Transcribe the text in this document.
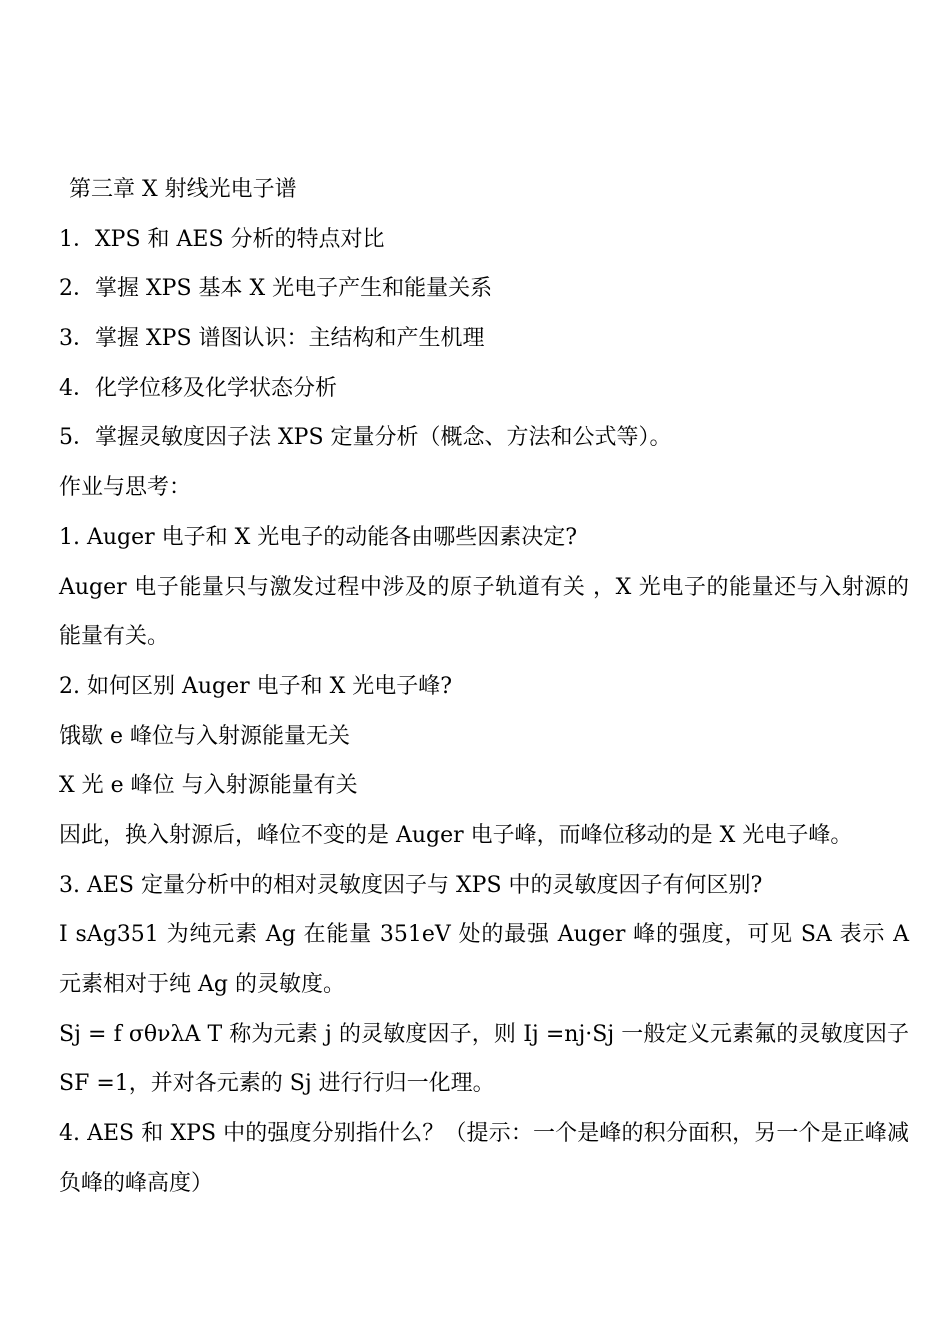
第三章 X 射线光电子谱
1．XPS 和 AES 分析的特点对比
2．掌握 XPS 基本 X 光电子产生和能量关系
3．掌握 XPS 谱图认识：主结构和产生机理
4．化学位移及化学状态分析
5．掌握灵敏度因子法 XPS 定量分析（概念、方法和公式等）。
作业与思考：
1. Auger 电子和 X 光电子的动能各由哪些因素决定?
Auger 电子能量只与激发过程中涉及的原子轨道有关 ，X 光电子的能量还与入射源的能量有关。
2. 如何区别 Auger 电子和 X 光电子峰?
饿歇 e 峰位与入射源能量无关
X 光 e 峰位 与入射源能量有关
因此，换入射源后，峰位不变的是 Auger 电子峰，而峰位移动的是 X 光电子峰。
3. AES 定量分析中的相对灵敏度因子与 XPS 中的灵敏度因子有何区别?
I sAg351 为纯元素 Ag 在能量 351eV 处的最强 Auger 峰的强度，可见 SA 表示 A 元素相对于纯 Ag 的灵敏度。
Sj = f σθνλA T 称为元素 j 的灵敏度因子，则 Ij =nj·Sj 一般定义元素氟的灵敏度因子 SF =1，并对各元素的 Sj 进行行归一化理。
4. AES 和 XPS 中的强度分别指什么？（提示：一个是峰的积分面积，另一个是正峰减负峰的峰高度）
